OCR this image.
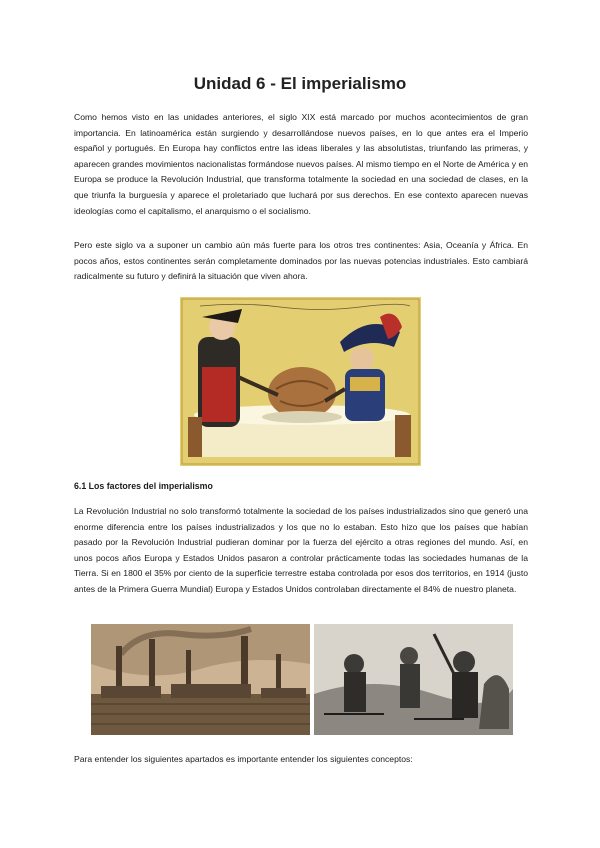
Unidad 6 - El imperialismo

Como hemos visto en las unidades anteriores, el siglo XIX está marcado por muchos acontecimientos de gran importancia. En latinoamérica están surgiendo y desarrollándose nuevos países, en lo que antes era el Imperio español y portugués. En Europa hay conflictos entre las ideas liberales y las absolutistas, triunfando las primeras, y aparecen grandes movimientos nacionalistas formándose nuevos países. Al mismo tiempo en el Norte de América y en Europa se produce la Revolución Industrial, que transforma totalmente la sociedad en una sociedad de clases, en la que triunfa la burguesía y aparece el proletariado que luchará por sus derechos. En ese contexto aparecen nuevas ideologías como el capitalismo, el anarquismo o el socialismo.

Pero este siglo va a suponer un cambio aún más fuerte para los otros tres continentes: Asia, Oceanía y África. En pocos años, estos continentes serán completamente dominados por las nuevas potencias industriales. Esto cambiará radicalmente su futuro y definirá la situación que viven ahora.

6.1 Los factores del imperialismo

La Revolución Industrial no solo transformó totalmente la sociedad de los países industrializados sino que generó una enorme diferencia entre los países industrializados y los que no lo estaban. Esto hizo que los países que habían pasado por la Revolución Industrial pudieran dominar por la fuerza del ejército a otras regiones del mundo. Así, en unos pocos años Europa y Estados Unidos pasaron a controlar prácticamente todas las sociedades humanas de la Tierra. Si en 1800 el 35% por ciento de la superficie terrestre estaba controlada por esos dos territorios, en 1914 (justo antes de la Primera Guerra Mundial) Europa y Estados Unidos controlaban directamente el 84% de nuestro planeta.

Para entender los siguientes apartados es importante entender los siguientes conceptos:
